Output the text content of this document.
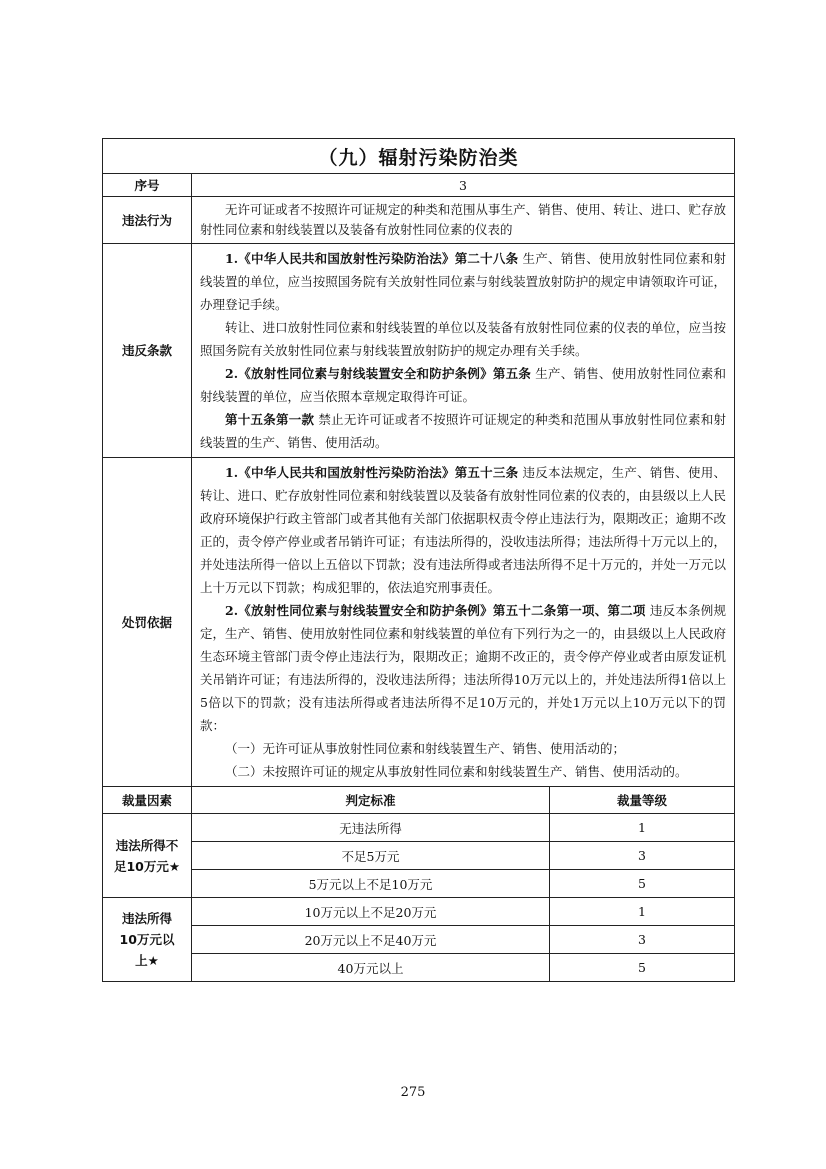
（九）辐射污染防治类		
序号	3	
违法行为	无许可证或者不按照许可证规定的种类和范围从事生产、销售、使用、转让、进口、贮存放射性同位素和射线装置以及装备有放射性同位素的仪表的	

违反条款	1.《中华人民共和国放射性污染防治法》第二十八条 生产、销售、使用放射性同位素和射线装置的单位，应当按照国务院有关放射性同位素与射线装置放射防护的规定申请领取许可证，办理登记手续。

转让、进口放射性同位素和射线装置的单位以及装备有放射性同位素的仪表的单位，应当按照国务院有关放射性同位素与射线装置放射防护的规定办理有关手续。

2.《放射性同位素与射线装置安全和防护条例》第五条 生产、销售、使用放射性同位素和射线装置的单位，应当依照本章规定取得许可证。

第十五条第一款 禁止无许可证或者不按照许可证规定的种类和范围从事放射性同位素和射线装置的生产、销售、使用活动。	

处罚依据	1.《中华人民共和国放射性污染防治法》第五十三条 违反本法规定，生产、销售、使用、转让、进口、贮存放射性同位素和射线装置以及装备有放射性同位素的仪表的，由县级以上人民政府环境保护行政主管部门或者其他有关部门依据职权责令停止违法行为，限期改正；逾期不改正的，责令停产停业或者吊销许可证；有违法所得的，没收违法所得；违法所得十万元以上的，并处违法所得一倍以上五倍以下罚款；没有违法所得或者违法所得不足十万元的，并处一万元以上十万元以下罚款；构成犯罪的，依法追究刑事责任。

2.《放射性同位素与射线装置安全和防护条例》第五十二条第一项、第二项 违反本条例规定，生产、销售、使用放射性同位素和射线装置的单位有下列行为之一的，由县级以上人民政府生态环境主管部门责令停止违法行为，限期改正；逾期不改正的，责令停产停业或者由原发证机关吊销许可证；有违法所得的，没收违法所得；违法所得10万元以上的，并处违法所得1倍以上5倍以下的罚款；没有违法所得或者违法所得不足10万元的，并处1万元以上10万元以下的罚款：

（一）无许可证从事放射性同位素和射线装置生产、销售、使用活动的；

（二）未按照许可证的规定从事放射性同位素和射线装置生产、销售、使用活动的。	

裁量因素	判定标准	裁量等级
违法所得不足10万元★	无违法所得	1
	不足5万元	3
	5万元以上不足10万元	5
违法所得10万元以上★	10万元以上不足20万元	1
	20万元以上不足40万元	3
	40万元以上	5
275
